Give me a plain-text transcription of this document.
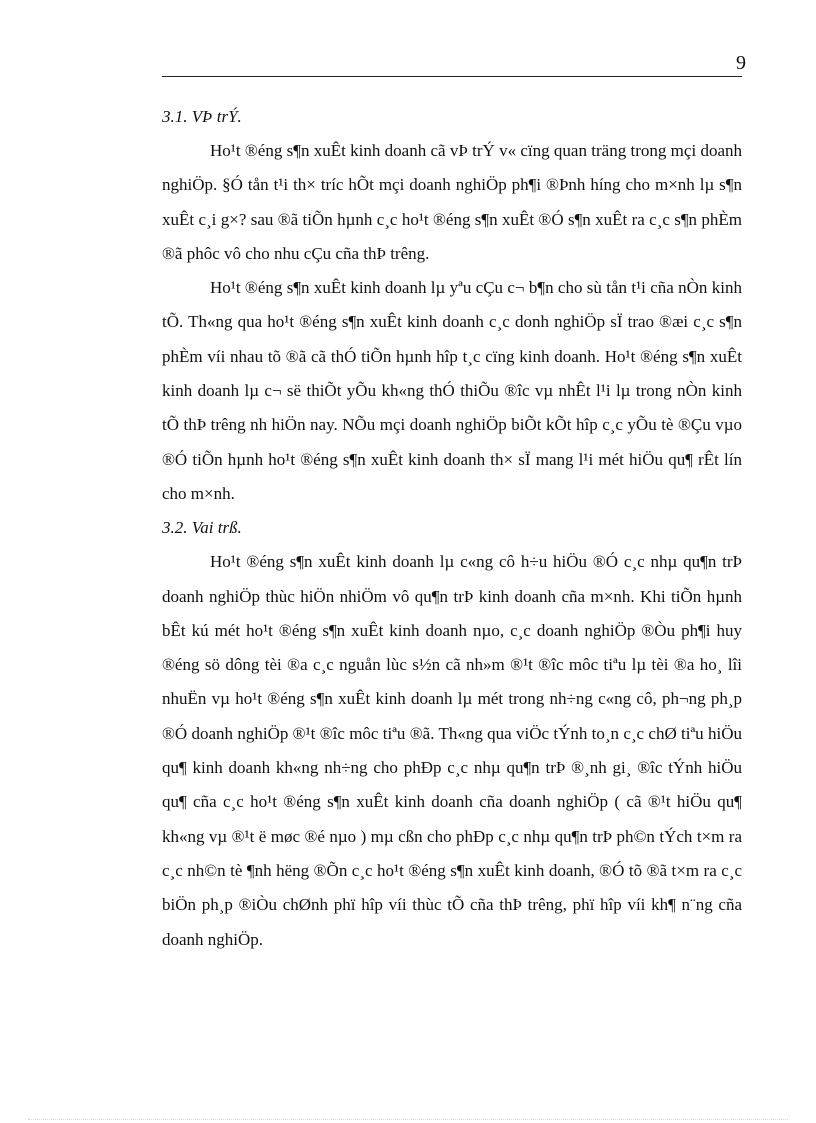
9

3.1. VÞ trÝ.

Ho¹t ®éng s¶n xuÊt kinh doanh cã vÞ trÝ v« cïng quan träng trong mçi doanh nghiÖp. §Ó tån t¹i th× tríc hÕt mçi doanh nghiÖp ph¶i ®Þnh híng cho m×nh lµ s¶n xuÊt c¸i g×? sau ®ã tiÕn hµnh c¸c ho¹t ®éng s¶n xuÊt ®Ó s¶n xuÊt ra c¸c s¶n phÈm ®ã phôc vô cho nhu cÇu cña thÞ trêng.

Ho¹t ®éng s¶n xuÊt kinh doanh lµ yªu cÇu c¬ b¶n cho sù tån t¹i cña nÒn kinh tÕ. Th«ng qua ho¹t ®éng s¶n xuÊt kinh doanh c¸c donh nghiÖp sÏ trao ®æi c¸c s¶n phÈm víi nhau tõ ®ã cã thÓ tiÕn hµnh hîp t¸c cïng kinh doanh. Ho¹t ®éng s¶n xuÊt kinh doanh lµ c¬ së thiÕt yÕu kh«ng thÓ thiÕu ®îc vµ nhÊt l¹i lµ trong nÒn kinh tÕ thÞ trêng nh hiÖn nay. NÕu mçi doanh nghiÖp biÕt kÕt hîp c¸c yÕu tè ®Çu vµo ®Ó tiÕn hµnh ho¹t ®éng s¶n xuÊt kinh doanh th× sÏ mang l¹i mét hiÖu qu¶ rÊt lín cho m×nh.

3.2. Vai trß.

Ho¹t ®éng s¶n xuÊt kinh doanh lµ c«ng cô h÷u hiÖu ®Ó c¸c nhµ qu¶n trÞ doanh nghiÖp thùc hiÖn nhiÖm vô qu¶n trÞ kinh doanh cña m×nh. Khi tiÕn hµnh bÊt kú mét ho¹t ®éng s¶n xuÊt kinh doanh nµo, c¸c doanh nghiÖp ®Òu ph¶i huy ®éng sö dông tèi ®a c¸c nguån lùc s½n cã nh»m ®¹t ®îc môc tiªu lµ tèi ®a ho¸ lîi nhuËn vµ ho¹t ®éng s¶n xuÊt kinh doanh lµ mét trong nh÷ng c«ng cô, ph¬ng ph¸p ®Ó doanh nghiÖp ®¹t ®îc môc tiªu ®ã. Th«ng qua viÖc tÝnh to¸n c¸c chØ tiªu hiÖu qu¶ kinh doanh kh«ng nh÷ng cho phÐp c¸c nhµ qu¶n trÞ ®¸nh gi¸ ®îc tÝnh hiÖu qu¶ cña c¸c ho¹t ®éng s¶n xuÊt kinh doanh cña doanh nghiÖp ( cã ®¹t hiÖu qu¶ kh«ng vµ ®¹t ë møc ®é nµo ) mµ cßn cho phÐp c¸c nhµ qu¶n trÞ ph©n tÝch t×m ra c¸c nh©n tè ¶nh hëng ®Õn c¸c ho¹t ®éng s¶n xuÊt kinh doanh, ®Ó tõ ®ã t×m ra c¸c biÖn ph¸p ®iÒu chØnh phï hîp víi thùc tÕ cña thÞ trêng, phï hîp víi kh¶ n¨ng cña doanh nghiÖp.
